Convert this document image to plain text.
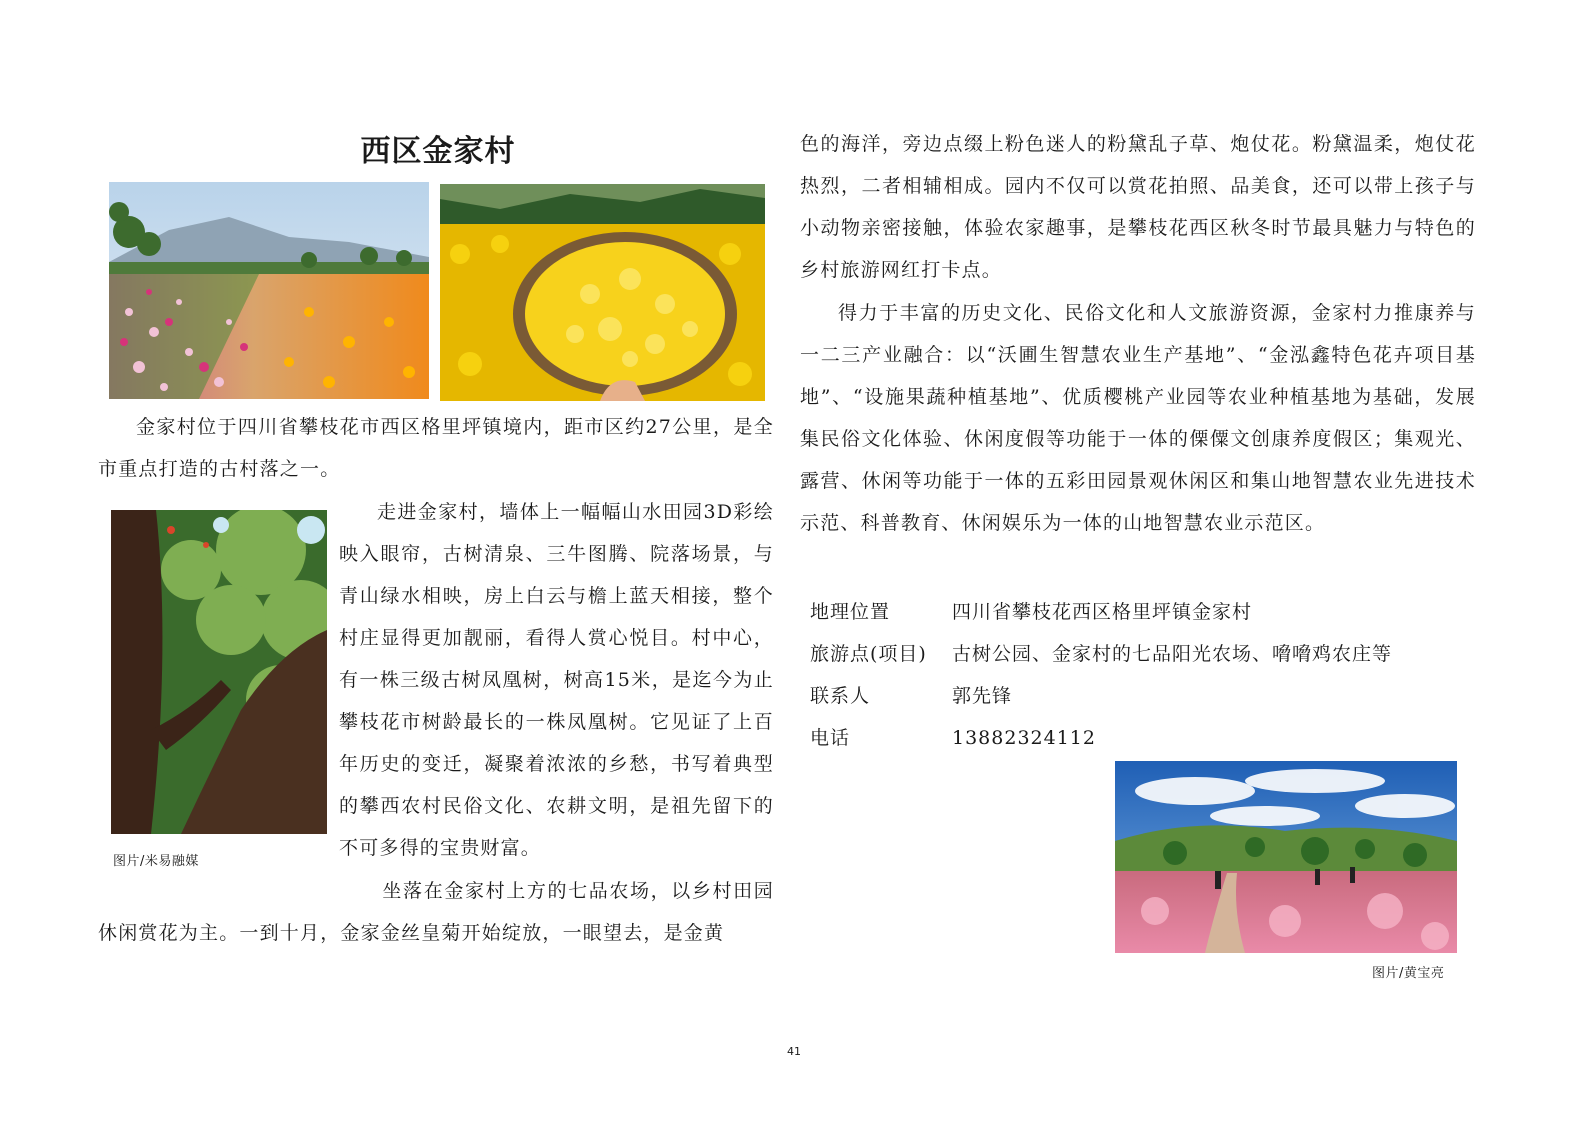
西区金家村

金家村位于四川省攀枝花市西区格里坪镇境内，距市区约27公里，是全市重点打造的古村落之一。

图片/米易融媒

走进金家村，墙体上一幅幅山水田园3D彩绘映入眼帘，古树清泉、三牛图腾、院落场景，与青山绿水相映，房上白云与檐上蓝天相接，整个村庄显得更加靓丽，看得人赏心悦目。村中心，有一株三级古树凤凰树，树高15米，是迄今为止攀枝花市树龄最长的一株凤凰树。它见证了上百年历史的变迁，凝聚着浓浓的乡愁，书写着典型的攀西农村民俗文化、农耕文明，是祖先留下的不可多得的宝贵财富。

坐落在金家村上方的七品农场，以乡村田园休闲赏花为主。一到十月，金家金丝皇菊开始绽放，一眼望去，是金黄

色的海洋，旁边点缀上粉色迷人的粉黛乱子草、炮仗花。粉黛温柔，炮仗花热烈，二者相辅相成。园内不仅可以赏花拍照、品美食，还可以带上孩子与小动物亲密接触，体验农家趣事，是攀枝花西区秋冬时节最具魅力与特色的乡村旅游网红打卡点。

得力于丰富的历史文化、民俗文化和人文旅游资源，金家村力推康养与一二三产业融合：以“沃圃生智慧农业生产基地”、“金泓鑫特色花卉项目基地”、“设施果蔬种植基地”、优质樱桃产业园等农业种植基地为基础，发展集民俗文化体验、休闲度假等功能于一体的傈僳文创康养度假区；集观光、露营、休闲等功能于一体的五彩田园景观休闲区和集山地智慧农业先进技术示范、科普教育、休闲娱乐为一体的山地智慧农业示范区。

地理位置	四川省攀枝花西区格里坪镇金家村
旅游点(项目) 古树公园、金家村的七品阳光农场、嗋嗋鸡农庄等
联系人	郭先锋
电话	13882324112
图片/黄宝亮
41
